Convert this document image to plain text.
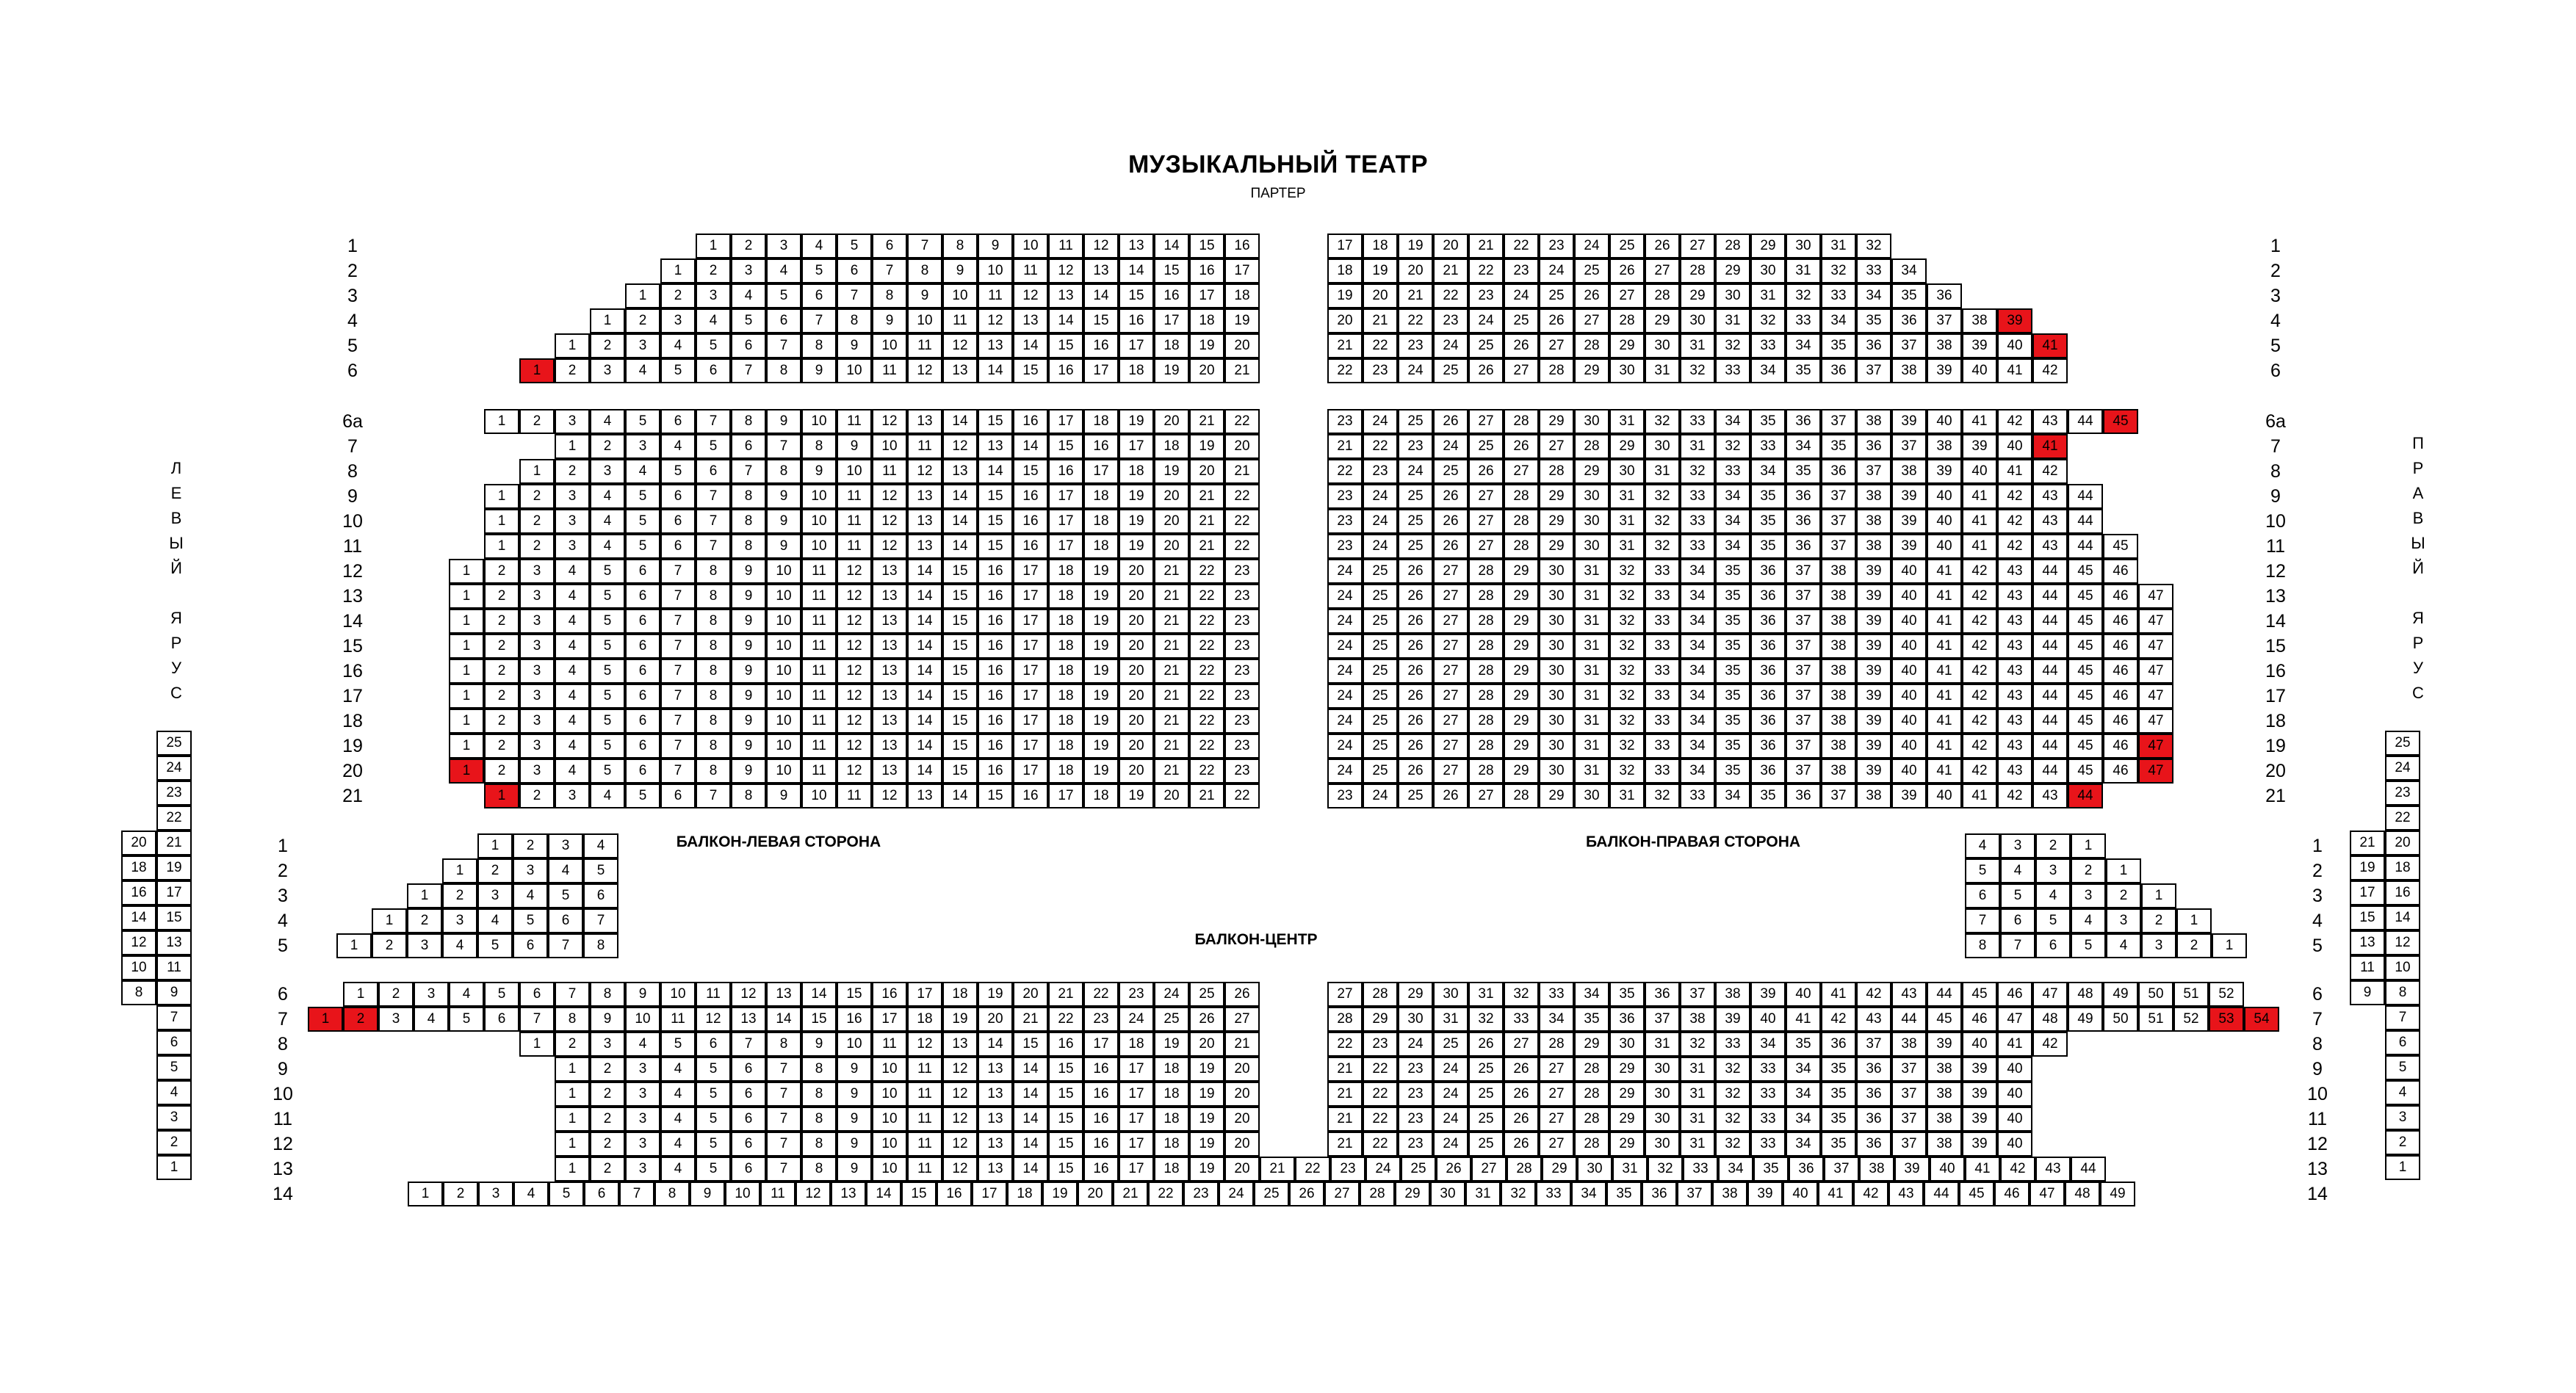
МУЗЫКАЛЬНЫЙ ТЕАТР
ПАРТЕР
БАЛКОН-ЛЕВАЯ СТОРОНА	БАЛКОН-ПРАВАЯ СТОРОНА
БАЛКОН-ЦЕНТР
1	1
1	2	3	4	5	6	7	8	9	10	11	12	13	14	15	16	17	18	19	20	21	22	23	24	25	26	27	28	29	30	31	32
2	2
1	2	3	4	5	6	7	8	9	10	11	12	13	14	15	16	17	18	19	20	21	22	23	24	25	26	27	28	29	30	31	32	33	34
3	3
1	2	3	4	5	6	7	8	9	10	11	12	13	14	15	16	17	18	19	20	21	22	23	24	25	26	27	28	29	30	31	32	33	34	35	36
4	4
1	2	3	4	5	6	7	8	9	10	11	12	13	14	15	16	17	18	19	20	21	22	23	24	25	26	27	28	29	30	31	32	33	34	35	36	37	38	39
5	5
1	2	3	4	5	6	7	8	9	10	11	12	13	14	15	16	17	18	19	20	21	22	23	24	25	26	27	28	29	30	31	32	33	34	35	36	37	38	39	40	41
6	6
1	2	3	4	5	6	7	8	9	10	11	12	13	14	15	16	17	18	19	20	21	22	23	24	25	26	27	28	29	30	31	32	33	34	35	36	37	38	39	40	41	42
6а	6а
1	2	3	4	5	6	7	8	9	10	11	12	13	14	15	16	17	18	19	20	21	22	23	24	25	26	27	28	29	30	31	32	33	34	35	36	37	38	39	40	41	42	43	44	45
7	7
1	2	3	4	5	6	7	8	9	10	11	12	13	14	15	16	17	18	19	20	21	22	23	24	25	26	27	28	29	30	31	32	33	34	35	36	37	38	39	40	41
8	8
1	2	3	4	5	6	7	8	9	10	11	12	13	14	15	16	17	18	19	20	21	22	23	24	25	26	27	28	29	30	31	32	33	34	35	36	37	38	39	40	41	42
9	9
1	2	3	4	5	6	7	8	9	10	11	12	13	14	15	16	17	18	19	20	21	22	23	24	25	26	27	28	29	30	31	32	33	34	35	36	37	38	39	40	41	42	43	44
10	10
1	2	3	4	5	6	7	8	9	10	11	12	13	14	15	16	17	18	19	20	21	22	23	24	25	26	27	28	29	30	31	32	33	34	35	36	37	38	39	40	41	42	43	44
11	11
1	2	3	4	5	6	7	8	9	10	11	12	13	14	15	16	17	18	19	20	21	22	23	24	25	26	27	28	29	30	31	32	33	34	35	36	37	38	39	40	41	42	43	44	45
12	12
1	2	3	4	5	6	7	8	9	10	11	12	13	14	15	16	17	18	19	20	21	22	23	24	25	26	27	28	29	30	31	32	33	34	35	36	37	38	39	40	41	42	43	44	45	46
13	13
1	2	3	4	5	6	7	8	9	10	11	12	13	14	15	16	17	18	19	20	21	22	23	24	25	26	27	28	29	30	31	32	33	34	35	36	37	38	39	40	41	42	43	44	45	46	47
14	14
1	2	3	4	5	6	7	8	9	10	11	12	13	14	15	16	17	18	19	20	21	22	23	24	25	26	27	28	29	30	31	32	33	34	35	36	37	38	39	40	41	42	43	44	45	46	47
15	15
1	2	3	4	5	6	7	8	9	10	11	12	13	14	15	16	17	18	19	20	21	22	23	24	25	26	27	28	29	30	31	32	33	34	35	36	37	38	39	40	41	42	43	44	45	46	47
16	16
1	2	3	4	5	6	7	8	9	10	11	12	13	14	15	16	17	18	19	20	21	22	23	24	25	26	27	28	29	30	31	32	33	34	35	36	37	38	39	40	41	42	43	44	45	46	47
17	17
1	2	3	4	5	6	7	8	9	10	11	12	13	14	15	16	17	18	19	20	21	22	23	24	25	26	27	28	29	30	31	32	33	34	35	36	37	38	39	40	41	42	43	44	45	46	47
18	18
1	2	3	4	5	6	7	8	9	10	11	12	13	14	15	16	17	18	19	20	21	22	23	24	25	26	27	28	29	30	31	32	33	34	35	36	37	38	39	40	41	42	43	44	45	46	47
19	19
1	2	3	4	5	6	7	8	9	10	11	12	13	14	15	16	17	18	19	20	21	22	23	24	25	26	27	28	29	30	31	32	33	34	35	36	37	38	39	40	41	42	43	44	45	46	47
20	20
1	2	3	4	5	6	7	8	9	10	11	12	13	14	15	16	17	18	19	20	21	22	23	24	25	26	27	28	29	30	31	32	33	34	35	36	37	38	39	40	41	42	43	44	45	46	47
21	21
1	2	3	4	5	6	7	8	9	10	11	12	13	14	15	16	17	18	19	20	21	22	23	24	25	26	27	28	29	30	31	32	33	34	35	36	37	38	39	40	41	42	43	44
Л
Е
В
Ы
Й
Я
Р
У
С
П
Р
А
В
Ы
Й
Я
Р
У
С
1	1
1	2	3	4	4	3	2	1
2	2
1	2	3	4	5	5	4	3	2	1
3	3
1	2	3	4	5	6	6	5	4	3	2	1
4	4
1	2	3	4	5	6	7	7	6	5	4	3	2	1
5	5
1	2	3	4	5	6	7	8	8	7	6	5	4	3	2	1
6	6
1	2	3	4	5	6	7	8	9	10	11	12	13	14	15	16	17	18	19	20	21	22	23	24	25	26	27	28	29	30	31	32	33	34	35	36	37	38	39	40	41	42	43	44	45	46	47	48	49	50	51	52
7	7
1	2	3	4	5	6	7	8	9	10	11	12	13	14	15	16	17	18	19	20	21	22	23	24	25	26	27	28	29	30	31	32	33	34	35	36	37	38	39	40	41	42	43	44	45	46	47	48	49	50	51	52	53	54
8	8
1	2	3	4	5	6	7	8	9	10	11	12	13	14	15	16	17	18	19	20	21	22	23	24	25	26	27	28	29	30	31	32	33	34	35	36	37	38	39	40	41	42
9	9
1	2	3	4	5	6	7	8	9	10	11	12	13	14	15	16	17	18	19	20	21	22	23	24	25	26	27	28	29	30	31	32	33	34	35	36	37	38	39	40
10	10
1	2	3	4	5	6	7	8	9	10	11	12	13	14	15	16	17	18	19	20	21	22	23	24	25	26	27	28	29	30	31	32	33	34	35	36	37	38	39	40
11	11
1	2	3	4	5	6	7	8	9	10	11	12	13	14	15	16	17	18	19	20	21	22	23	24	25	26	27	28	29	30	31	32	33	34	35	36	37	38	39	40
12	12
1	2	3	4	5	6	7	8	9	10	11	12	13	14	15	16	17	18	19	20	21	22	23	24	25	26	27	28	29	30	31	32	33	34	35	36	37	38	39	40
13	13
1	2	3	4	5	6	7	8	9	10	11	12	13	14	15	16	17	18	19	20	21	22	23	24	25	26	27	28	29	30	31	32	33	34	35	36	37	38	39	40	41	42	43	44
14	14
1	2	3	4	5	6	7	8	9	10	11	12	13	14	15	16	17	18	19	20	21	22	23	24	25	26	27	28	29	30	31	32	33	34	35	36	37	38	39	40	41	42	43	44	45	46	47	48	49
25
24
23
22
20	21
18	19
16	17
14	15
12	13
10	11
8	9
7
6
5
4
3
2
1
25
24
23
22
21	20
19	18
17	16
15	14
13	12
11	10
9	8
7
6
5
4
3
2
1
